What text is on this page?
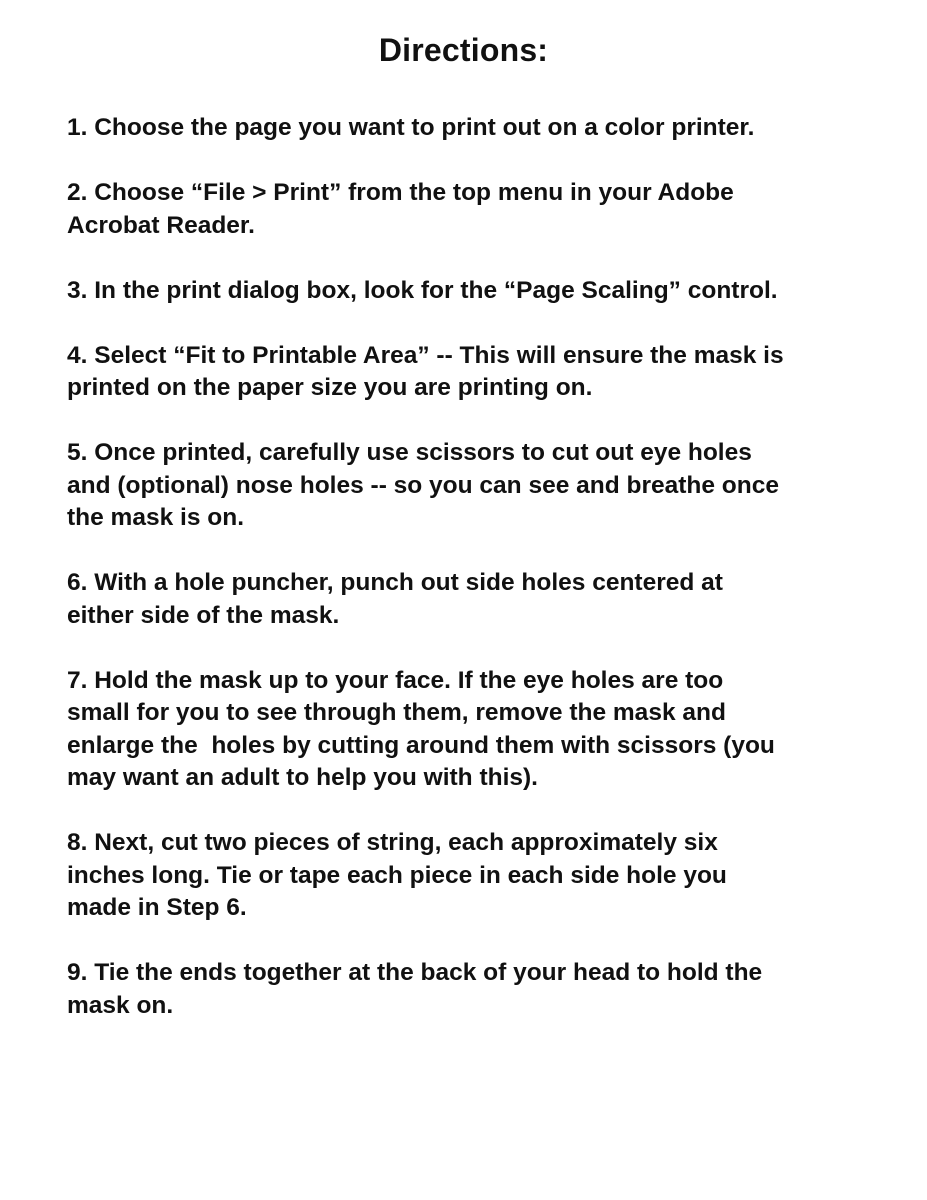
Directions:
1. Choose the page you want to print out on a color printer.
2. Choose “File > Print” from the top menu in your Adobe
Acrobat Reader.
3. In the print dialog box, look for the “Page Scaling” control.
4. Select “Fit to Printable Area” -- This will ensure the mask is
printed on the paper size you are printing on.
5. Once printed, carefully use scissors to cut out eye holes
and (optional) nose holes -- so you can see and breathe once
the mask is on.
6. With a hole puncher, punch out side holes centered at
either side of the mask.
7. Hold the mask up to your face. If the eye holes are too
small for you to see through them, remove the mask and
enlarge the  holes by cutting around them with scissors (you
may want an adult to help you with this).
8. Next, cut two pieces of string, each approximately six
inches long. Tie or tape each piece in each side hole you
made in Step 6.
9. Tie the ends together at the back of your head to hold the
mask on.
